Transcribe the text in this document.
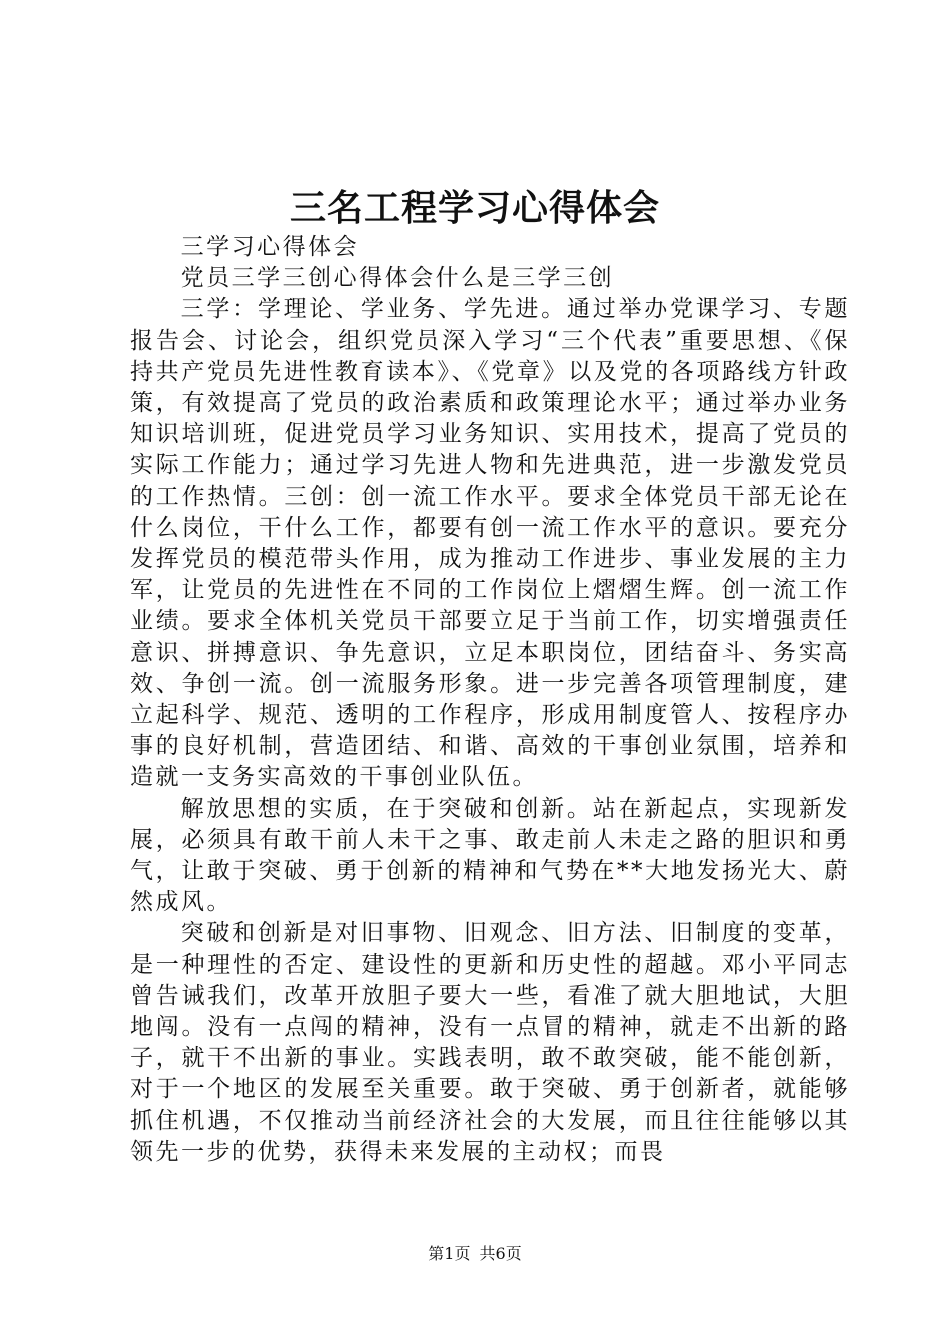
三名工程学习心得体会

三学习心得体会

党员三学三创心得体会什么是三学三创

三学：学理论、学业务、学先进。通过举办党课学习、专题报告会、讨论会，组织党员深入学习“三个代表”重要思想、《保持共产党员先进性教育读本》、《党章》以及党的各项路线方针政策，有效提高了党员的政治素质和政策理论水平；通过举办业务知识培训班，促进党员学习业务知识、实用技术，提高了党员的实际工作能力；通过学习先进人物和先进典范，进一步激发党员的工作热情。三创：创一流工作水平。要求全体党员干部无论在什么岗位，干什么工作，都要有创一流工作水平的意识。要充分发挥党员的模范带头作用，成为推动工作进步、事业发展的主力军，让党员的先进性在不同的工作岗位上熠熠生辉。创一流工作业绩。要求全体机关党员干部要立足于当前工作，切实增强责任意识、拼搏意识、争先意识，立足本职岗位，团结奋斗、务实高效、争创一流。创一流服务形象。进一步完善各项管理制度，建立起科学、规范、透明的工作程序，形成用制度管人、按程序办事的良好机制，营造团结、和谐、高效的干事创业氛围，培养和造就一支务实高效的干事创业队伍。

解放思想的实质，在于突破和创新。站在新起点，实现新发展，必须具有敢干前人未干之事、敢走前人未走之路的胆识和勇气，让敢于突破、勇于创新的精神和气势在**大地发扬光大、蔚然成风。

突破和创新是对旧事物、旧观念、旧方法、旧制度的变革，是一种理性的否定、建设性的更新和历史性的超越。邓小平同志曾告诫我们，改革开放胆子要大一些，看准了就大胆地试，大胆地闯。没有一点闯的精神，没有一点冒的精神，就走不出新的路子，就干不出新的事业。实践表明，敢不敢突破，能不能创新，对于一个地区的发展至关重要。敢于突破、勇于创新者，就能够抓住机遇，不仅推动当前经济社会的大发展，而且往往能够以其领先一步的优势，获得未来发展的主动权；而畏

第1页 共6页
